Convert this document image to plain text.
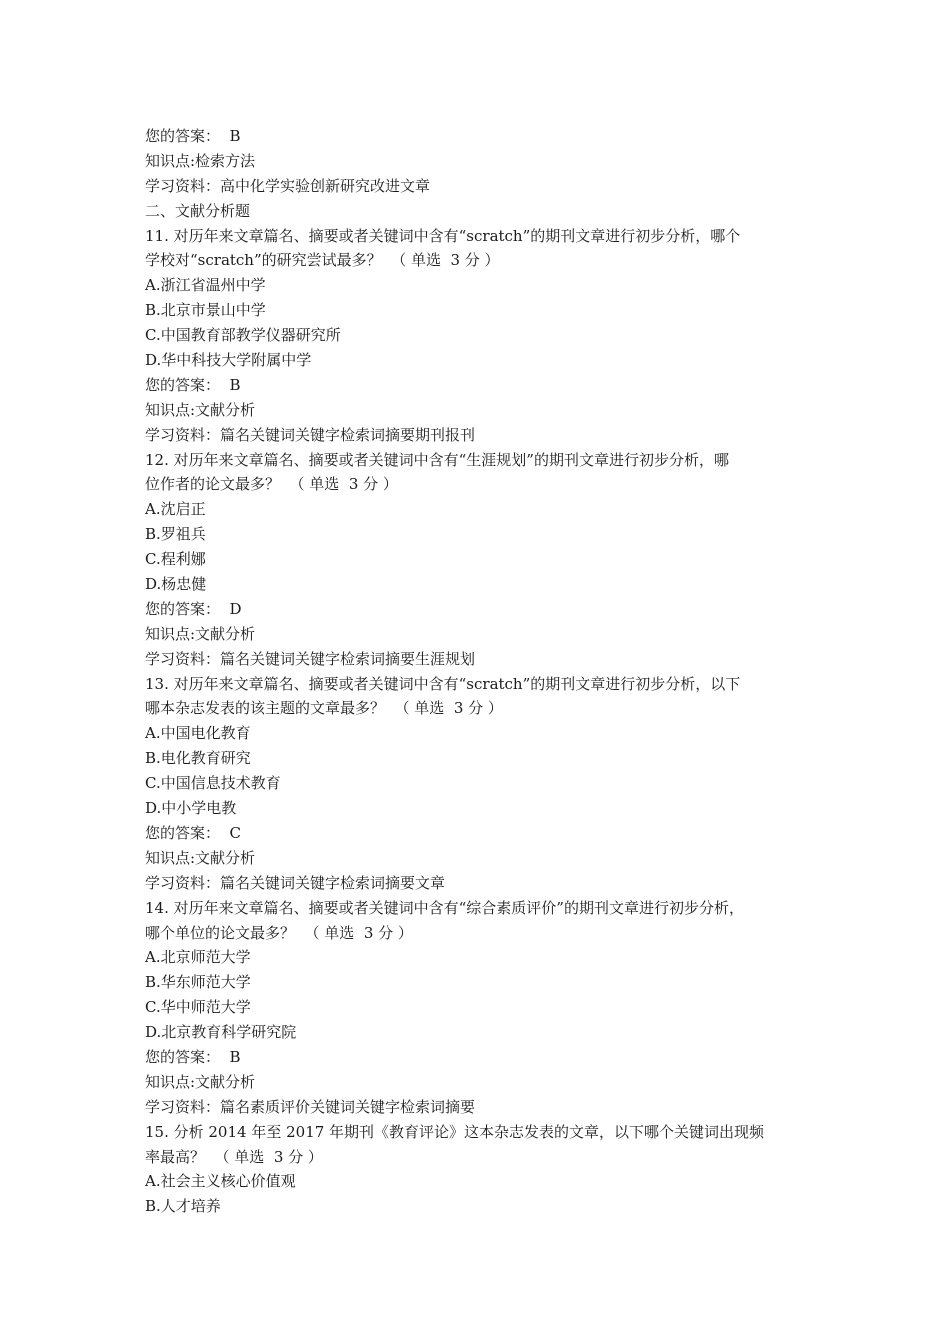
您的答案：  B
知识点:检索方法
学习资料：高中化学实验创新研究改进文章
二、文献分析题
11. 对历年来文章篇名、摘要或者关键词中含有“scratch”的期刊文章进行初步分析，哪个
学校对“scratch”的研究尝试最多？  （ 单选  3 分 ）
A.浙江省温州中学
B.北京市景山中学
C.中国教育部教学仪器研究所
D.华中科技大学附属中学
您的答案：  B
知识点:文献分析
学习资料：篇名关键词关键字检索词摘要期刊报刊
12. 对历年来文章篇名、摘要或者关键词中含有“生涯规划”的期刊文章进行初步分析，哪
位作者的论文最多？  （ 单选  3 分 ）
A.沈启正
B.罗祖兵
C.程利娜
D.杨忠健
您的答案：  D
知识点:文献分析
学习资料：篇名关键词关键字检索词摘要生涯规划
13. 对历年来文章篇名、摘要或者关键词中含有“scratch”的期刊文章进行初步分析，以下
哪本杂志发表的该主题的文章最多？  （ 单选  3 分 ）
A.中国电化教育
B.电化教育研究
C.中国信息技术教育
D.中小学电教
您的答案：  C
知识点:文献分析
学习资料：篇名关键词关键字检索词摘要文章
14. 对历年来文章篇名、摘要或者关键词中含有“综合素质评价”的期刊文章进行初步分析，
哪个单位的论文最多？  （ 单选  3 分 ）
A.北京师范大学
B.华东师范大学
C.华中师范大学
D.北京教育科学研究院
您的答案：  B
知识点:文献分析
学习资料：篇名素质评价关键词关键字检索词摘要
15. 分析 2014 年至 2017 年期刊《教育评论》这本杂志发表的文章，以下哪个关键词出现频
率最高？  （ 单选  3 分 ）
A.社会主义核心价值观
B.人才培养
